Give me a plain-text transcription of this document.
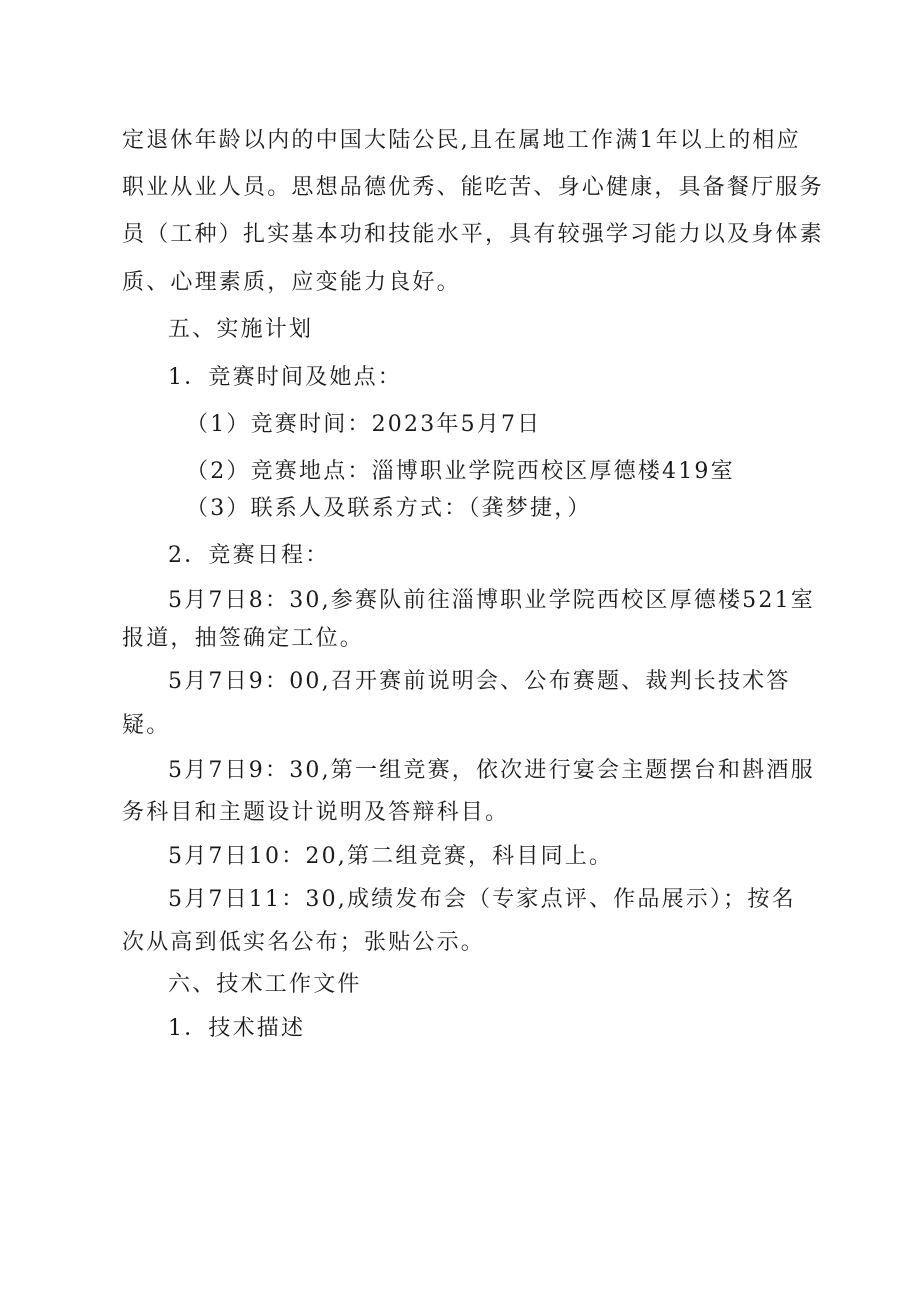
定退休年龄以内的中国大陆公民,且在属地工作满1年以上的相应
职业从业人员。思想品德优秀、能吃苦、身心健康，具备餐厅服务
员（工种）扎实基本功和技能水平，具有较强学习能力以及身体素
质、心理素质，应变能力良好。
五、实施计划
1．竞赛时间及她点：
（1）竞赛时间：2023年5月7日
（2）竞赛地点：淄博职业学院西校区厚德楼419室
（3）联系人及联系方式：（龚梦捷，）
2．竞赛日程：
5月7日8：30,参赛队前往淄博职业学院西校区厚德楼521室
报道，抽签确定工位。
5月7日9：00,召开赛前说明会、公布赛题、裁判长技术答
疑。
5月7日9：30,第一组竞赛，依次进行宴会主题摆台和斟酒服
务科目和主题设计说明及答辩科目。
5月7日10：20,第二组竞赛，科目同上。
5月7日11：30,成绩发布会（专家点评、作品展示）；按名
次从高到低实名公布；张贴公示。
六、技术工作文件
1．技术描述
